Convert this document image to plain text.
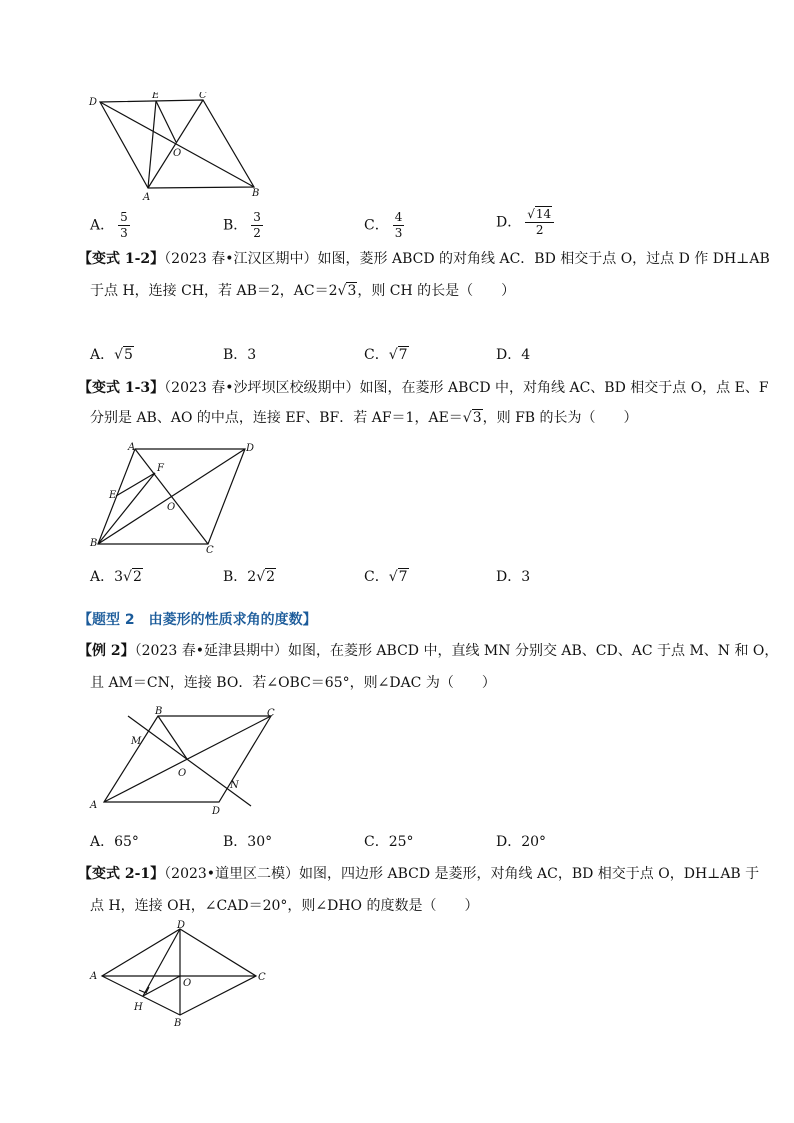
D
E	C
O
A	B
A． $\frac{5}{3}$	B． $\frac{3}{2}$	C． $\frac{4}{3}$	D． $\frac{√14}{2}$
【变式 1-2】（2023 春•江汉区期中）如图，菱形 ABCD 的对角线 AC．BD 相交于点 O，过点 D 作 DH⊥AB
于点 H，连接 CH，若 AB＝2，AC＝2√3，则 CH 的长是（　　）
A．√5	B．3	C．√7	D．4
【变式 1-3】（2023 春•沙坪坝区校级期中）如图，在菱形 ABCD 中，对角线 AC、BD 相交于点 O，点 E、F
分别是 AB、AO 的中点，连接 EF、BF．若 AF＝1，AE＝√3，则 FB 的长为（　　）
A	D
F
E
O
B
C
A．3√2	B．2√2	C．√7	D．3
【题型 2　由菱形的性质求角的度数】
【例 2】（2023 春•延津县期中）如图，在菱形 ABCD 中，直线 MN 分别交 AB、CD、AC 于点 M、N 和 O，
且 AM＝CN，连接 BO．若∠OBC＝65°，则∠DAC 为（　　）
B	C
M
O
N
A
D
A．65°	B．30°	C．25°	D．20°
【变式 2-1】（2023•道里区二模）如图，四边形 ABCD 是菱形，对角线 AC，BD 相交于点 O，DH⊥AB 于
点 H，连接 OH，∠CAD＝20°，则∠DHO 的度数是（　　）
D
A
O
C
H
B
